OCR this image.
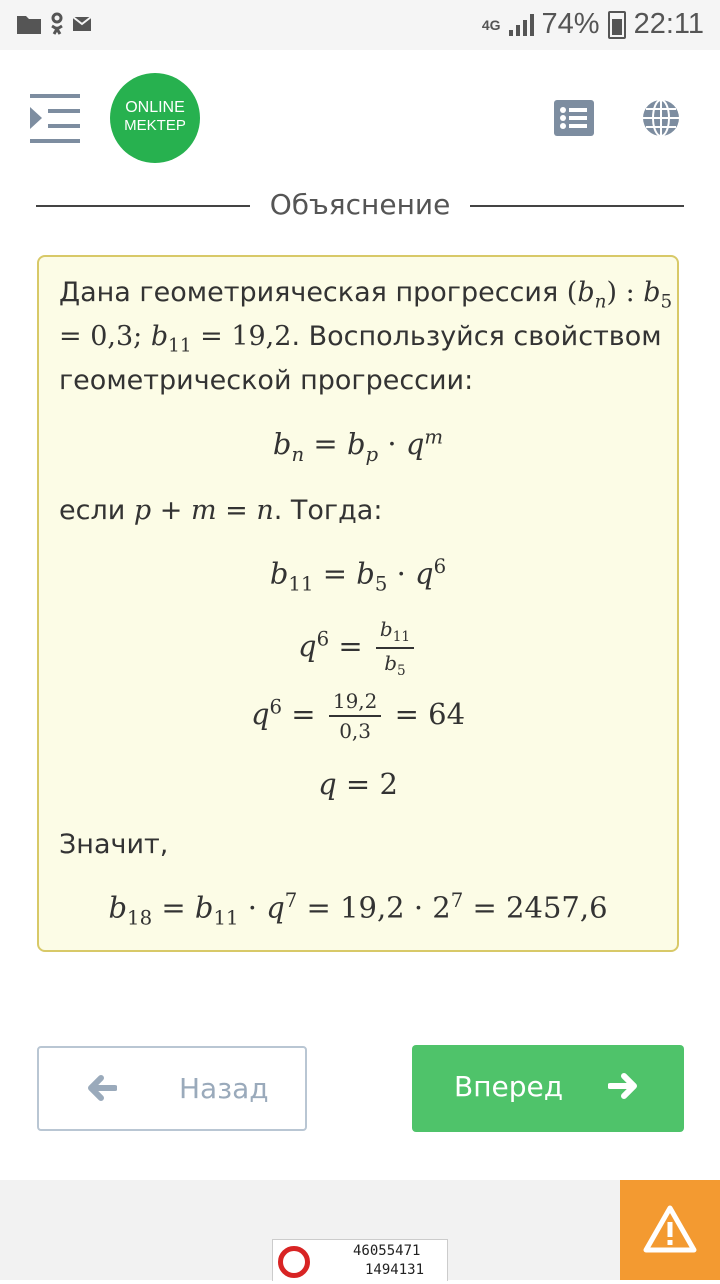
4G 74% 22:11
ONLINE
MEKTEP
Объяснение
Дана геометрияческая прогрессия $(b_n)$ : $b_5$
= 0,3; $b_{11} = 19,2$. Воспользуйся свойством
геометрической прогрессии:
$b_n = b_p \cdot q^m$
если p + m = n. Тогда:
$b_{11} = b_5 \cdot q^6$
$q^6 = \frac{b_{11}}{b_5}$
$q^6 = \frac{19,2}{0,3} = 64$
q = 2
Значит,
$b_{18} = b_{11} \cdot q^7 = 19,2 \cdot 2^7 = 2457,6$
Назад	Вперед
46055471
1494131
